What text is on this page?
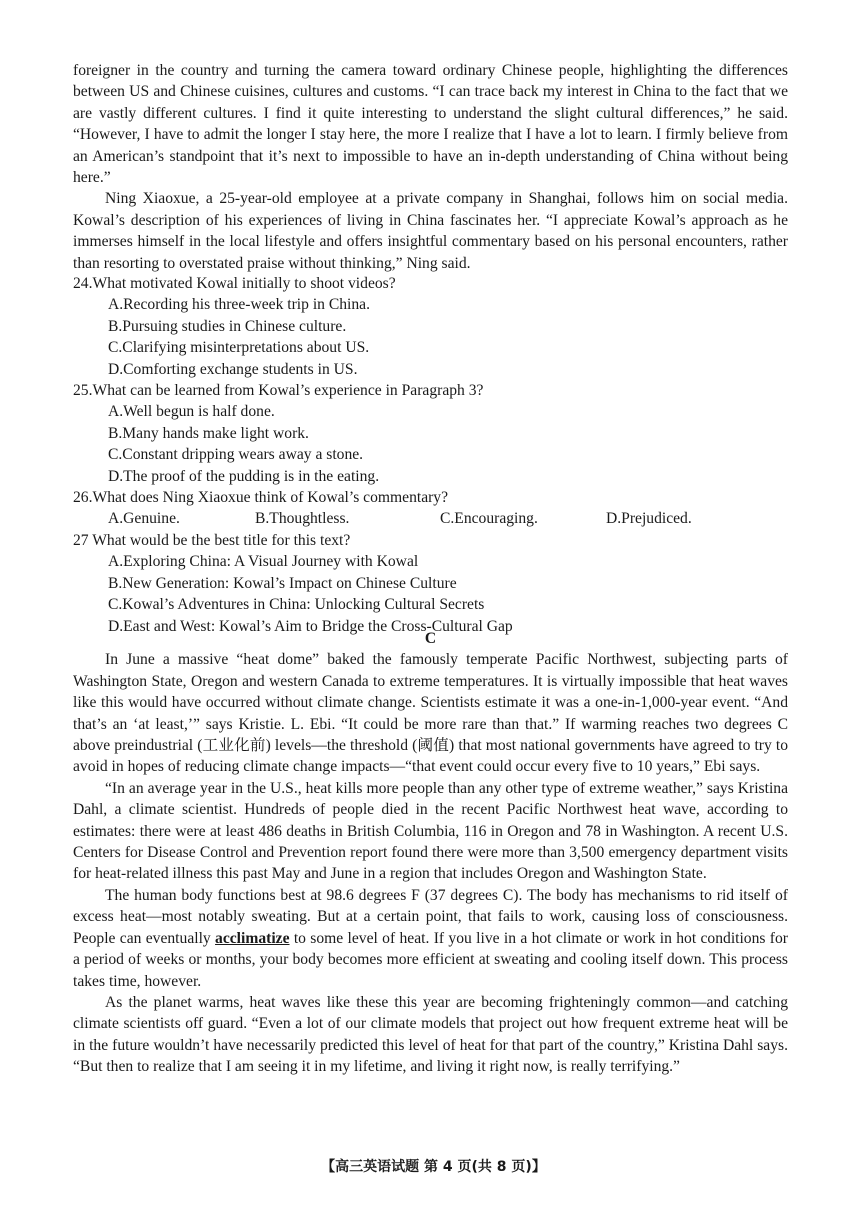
foreigner in the country and turning the camera toward ordinary Chinese people, highlighting the differences between US and Chinese cuisines, cultures and customs. “I can trace back my interest in China to the fact that we are vastly different cultures. I find it quite interesting to understand the slight cultural differences,” he said. “However, I have to admit the longer I stay here, the more I realize that I have a lot to learn. I firmly believe from an American’s standpoint that it’s next to impossible to have an in-depth understanding of China without being here.”

Ning Xiaoxue, a 25-year-old employee at a private company in Shanghai, follows him on social media. Kowal’s description of his experiences of living in China fascinates her. “I appreciate Kowal’s approach as he immerses himself in the local lifestyle and offers insightful commentary based on his personal encounters, rather than resorting to overstated praise without thinking,” Ning said.

24.What motivated Kowal initially to shoot videos?

A.Recording his three-week trip in China.

B.Pursuing studies in Chinese culture.

C.Clarifying misinterpretations about US.

D.Comforting exchange students in US.

25.What can be learned from Kowal’s experience in Paragraph 3?

A.Well begun is half done.

B.Many hands make light work.

C.Constant dripping wears away a stone.

D.The proof of the pudding is in the eating.

26.What does Ning Xiaoxue think of Kowal’s commentary?

A.Genuine.	B.Thoughtless.	C.Encouraging.	D.Prejudiced.

27 What would be the best title for this text?

A.Exploring China: A Visual Journey with Kowal

B.New Generation: Kowal’s Impact on Chinese Culture

C.Kowal’s Adventures in China: Unlocking Cultural Secrets

D.East and West: Kowal’s Aim to Bridge the Cross-Cultural Gap

C

In June a massive “heat dome” baked the famously temperate Pacific Northwest, subjecting parts of Washington State, Oregon and western Canada to extreme temperatures. It is virtually impossible that heat waves like this would have occurred without climate change. Scientists estimate it was a one-in-1,000-year event. “And that’s an ‘at least,’” says Kristie. L. Ebi. “It could be more rare than that.” If warming reaches two degrees C above preindustrial (工业化前) levels—the threshold (阈值) that most national governments have agreed to try to avoid in hopes of reducing climate change impacts—“that event could occur every five to 10 years,” Ebi says.

“In an average year in the U.S., heat kills more people than any other type of extreme weather,” says Kristina Dahl, a climate scientist. Hundreds of people died in the recent Pacific Northwest heat wave, according to estimates: there were at least 486 deaths in British Columbia, 116 in Oregon and 78 in Washington. A recent U.S. Centers for Disease Control and Prevention report found there were more than 3,500 emergency department visits for heat-related illness this past May and June in a region that includes Oregon and Washington State.

The human body functions best at 98.6 degrees F (37 degrees C). The body has mechanisms to rid itself of excess heat—most notably sweating. But at a certain point, that fails to work, causing loss of consciousness. People can eventually acclimatize to some level of heat. If you live in a hot climate or work in hot conditions for a period of weeks or months, your body becomes more efficient at sweating and cooling itself down. This process takes time, however.

As the planet warms, heat waves like these this year are becoming frighteningly common—and catching climate scientists off guard. “Even a lot of our climate models that project out how frequent extreme heat will be in the future wouldn’t have necessarily predicted this level of heat for that part of the country,” Kristina Dahl says. “But then to realize that I am seeing it in my lifetime, and living it right now, is really terrifying.”

【高三英语试题 第 4 页(共 8 页)】
